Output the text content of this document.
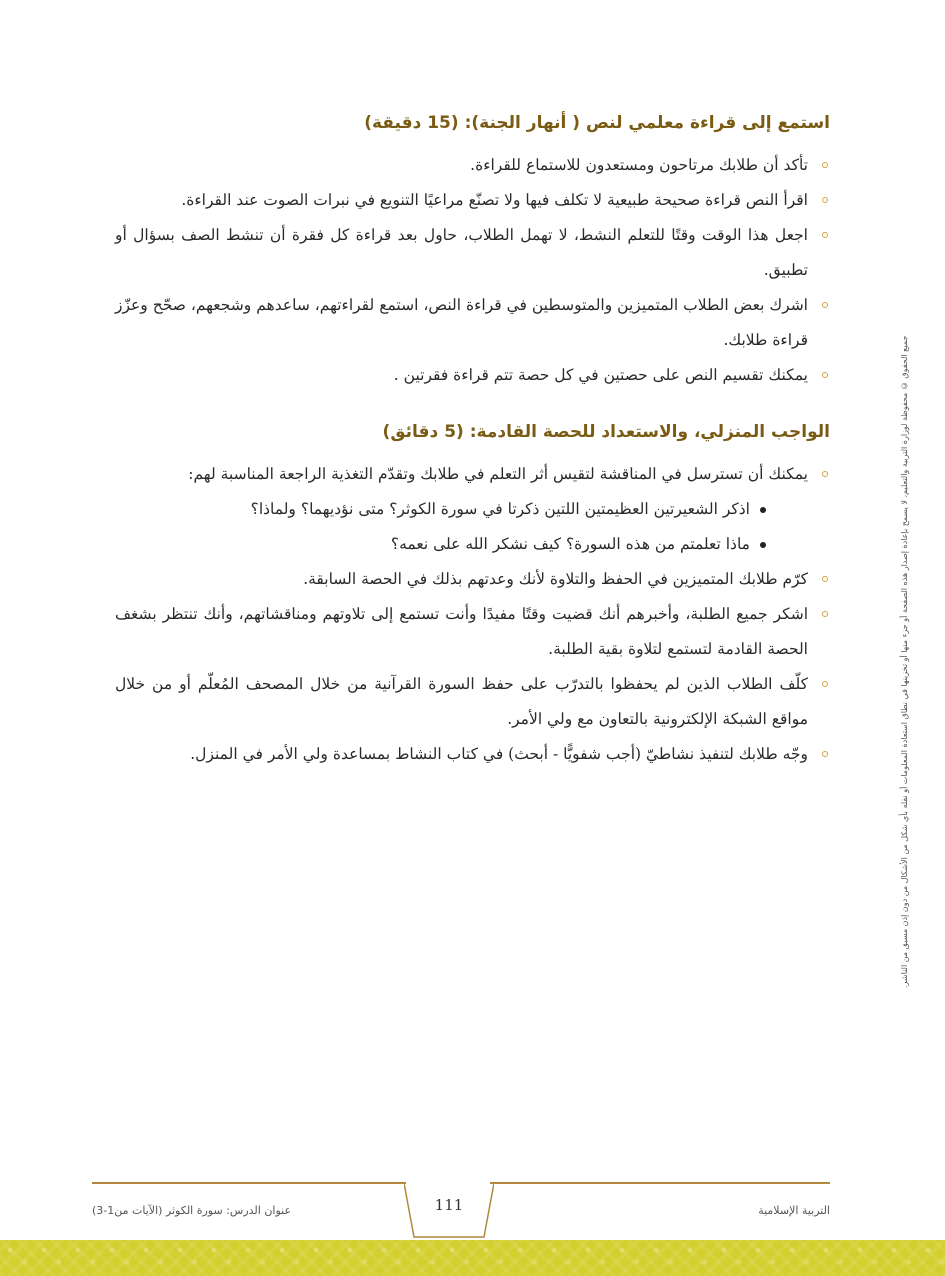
استمع إلى قراءة معلمي لنص ( أنهار الجنة): (15 دقيقة)
تأكد أن طلابك مرتاحون ومستعدون للاستماع للقراءة.
اقرأ النص قراءة صحيحة طبيعية لا تكلف فيها ولا تصنّع مراعيًا التنويع في نبرات الصوت عند القراءة.
اجعل هذا الوقت وقتًا للتعلم النشط، لا تهمل الطلاب، حاول بعد قراءة كل فقرة أن تنشط الصف بسؤال أو تطبيق.
اشرك بعض الطلاب المتميزين والمتوسطين في قراءة النص، استمع لقراءتهم، ساعدهم وشجعهم، صحّح وعزّز قراءة طلابك.
يمكنك تقسيم النص على حصتين في كل حصة تتم قراءة فقرتين .
الواجب المنزلي، والاستعداد للحصة القادمة: (5 دقائق)
يمكنك أن تسترسل في المناقشة لتقيس أثر التعلم في طلابك وتقدّم التغذية الراجعة المناسبة لهم:
اذكر الشعيرتين العظيمتين اللتين ذكرتا في سورة الكوثر؟ متى نؤديهما؟ ولماذا؟
ماذا تعلمتم من هذه السورة؟ كيف نشكر الله على نعمه؟
كرّم طلابك المتميزين في الحفظ والتلاوة لأنك وعدتهم بذلك في الحصة السابقة.
اشكر جميع الطلبة، وأخبرهم أنك قضيت وقتًا مفيدًا وأنت تستمع إلى تلاوتهم ومناقشاتهم، وأنك تنتظر بشغف الحصة القادمة لتستمع لتلاوة بقية الطلبة.
كلّف الطلاب الذين لم يحفظوا بالتدرّب على حفظ السورة القرآنية من خلال المصحف المُعلّم أو من خلال مواقع الشبكة الإلكترونية بالتعاون مع ولي الأمر.
وجّه طلابك لتنفيذ نشاطيّ (أجب شفويًّا - أبحث) في كتاب النشاط بمساعدة ولي الأمر في المنزل.	جميع الحقوق © محفوظة لوزارة التربية والتعليم، لا يسمح بإعادة إصدار هذه الصفحة أو جزء منها أو تخزينها في نطاق استعادة المعلومات أو نقله بأي شكل من الأشكال من دون إذن مسبق من الناشر.
111	التربية الإسلامية
عنوان الدرس: سورة الكوثر (الآيات من1-3)
